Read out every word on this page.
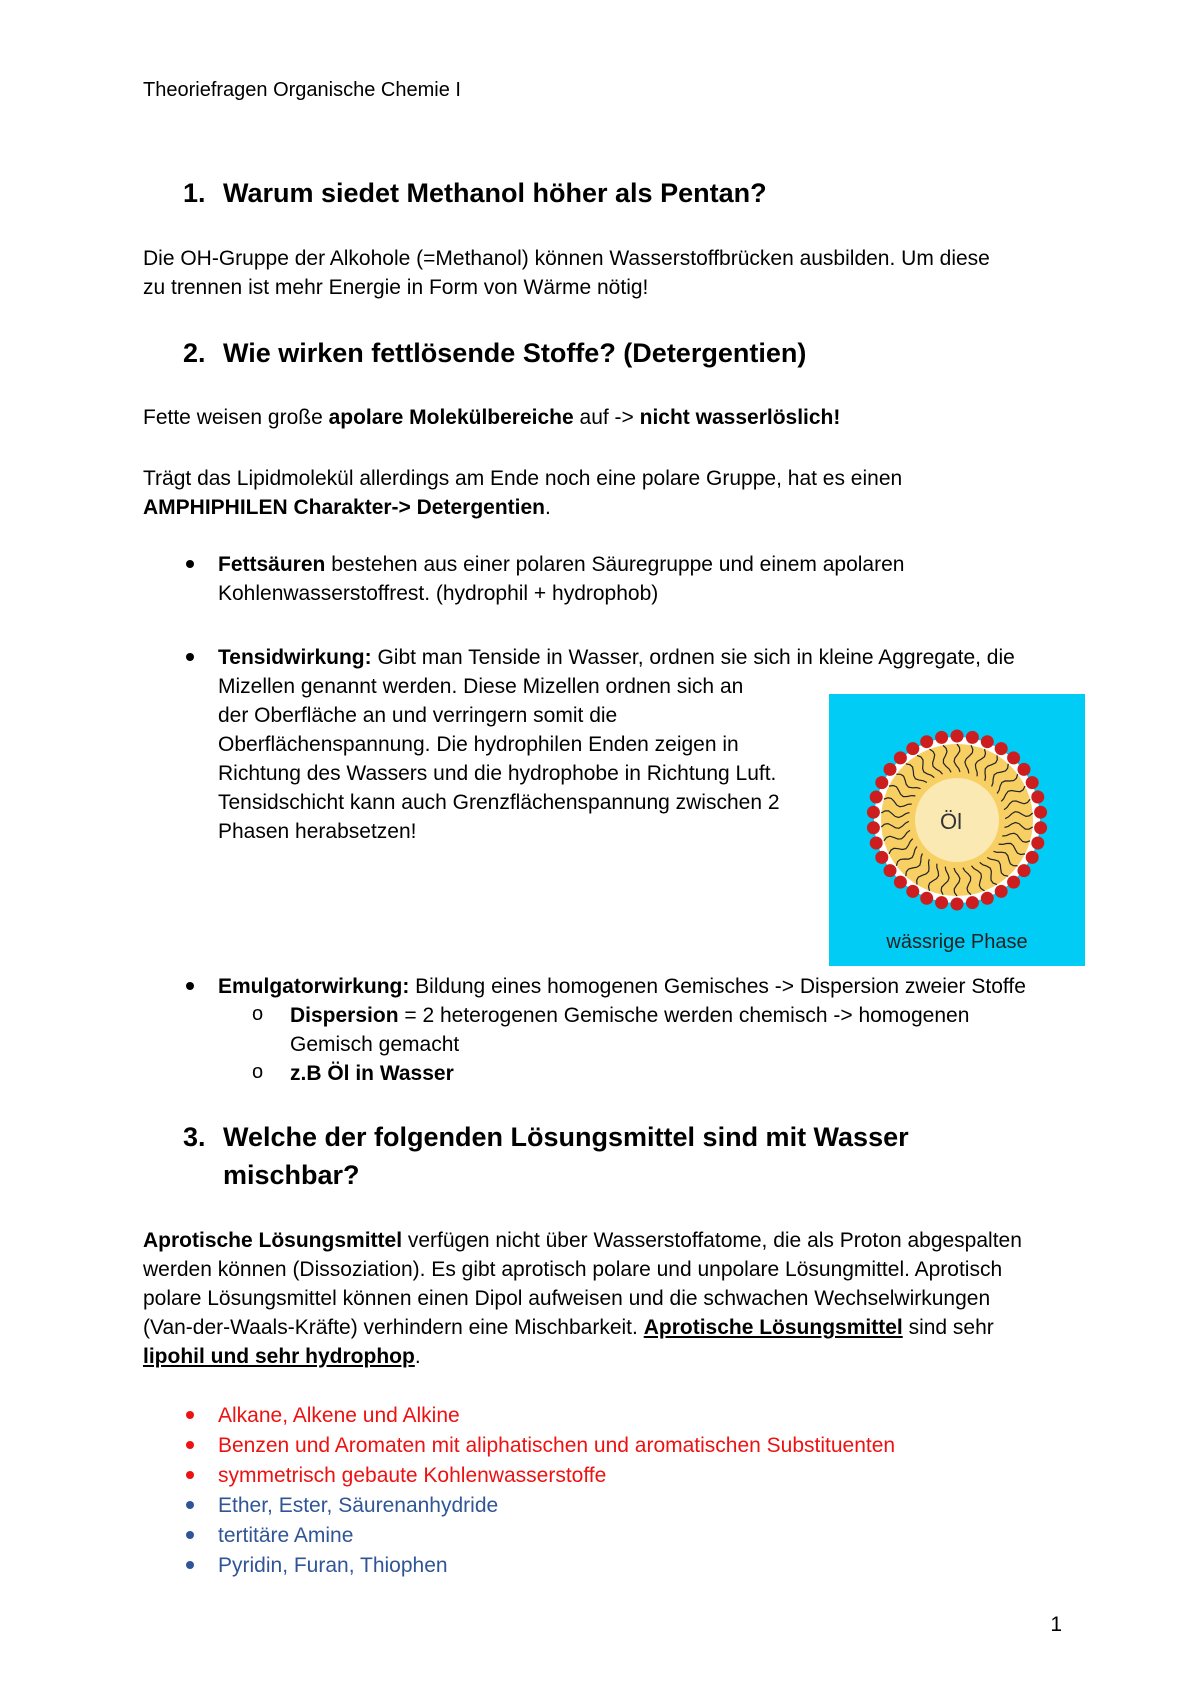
Theoriefragen Organische Chemie I
1. Warum siedet Methanol höher als Pentan?
Die OH-Gruppe der Alkohole (=Methanol) können Wasserstoffbrücken ausbilden. Um diese
zu trennen ist mehr Energie in Form von Wärme nötig!
2. Wie wirken fettlösende Stoffe? (Detergentien)
Fette weisen große apolare Molekülbereiche auf -> nicht wasserlöslich!
Trägt das Lipidmolekül allerdings am Ende noch eine polare Gruppe, hat es einen
AMPHIPHILEN Charakter-> Detergentien.
Fettsäuren bestehen aus einer polaren Säuregruppe und einem apolaren
Kohlenwasserstoffrest. (hydrophil + hydrophob)
Tensidwirkung: Gibt man Tenside in Wasser, ordnen sie sich in kleine Aggregate, die
Mizellen genannt werden. Diese Mizellen ordnen sich an
der Oberfläche an und verringern somit die
Oberflächenspannung. Die hydrophilen Enden zeigen in
Richtung des Wassers und die hydrophobe in Richtung Luft.
Tensidschicht kann auch Grenzflächenspannung zwischen 2
Phasen herabsetzen!	Öl
wässrige Phase
Emulgatorwirkung: Bildung eines homogenen Gemisches -> Dispersion zweier Stoffe
o Dispersion = 2 heterogenen Gemische werden chemisch -> homogenen
Gemisch gemacht
o z.B Öl in Wasser
3. Welche der folgenden Lösungsmittel sind mit Wasser
mischbar?
Aprotische Lösungsmittel verfügen nicht über Wasserstoffatome, die als Proton abgespalten
werden können (Dissoziation). Es gibt aprotisch polare und unpolare Lösungmittel. Aprotisch
polare Lösungsmittel können einen Dipol aufweisen und die schwachen Wechselwirkungen
(Van-der-Waals-Kräfte) verhindern eine Mischbarkeit. Aprotische Lösungsmittel sind sehr
lipohil und sehr hydrophop.
Alkane, Alkene und Alkine
Benzen und Aromaten mit aliphatischen und aromatischen Substituenten
symmetrisch gebaute Kohlenwasserstoffe
Ether, Ester, Säurenanhydride
tertitäre Amine
Pyridin, Furan, Thiophen
1
